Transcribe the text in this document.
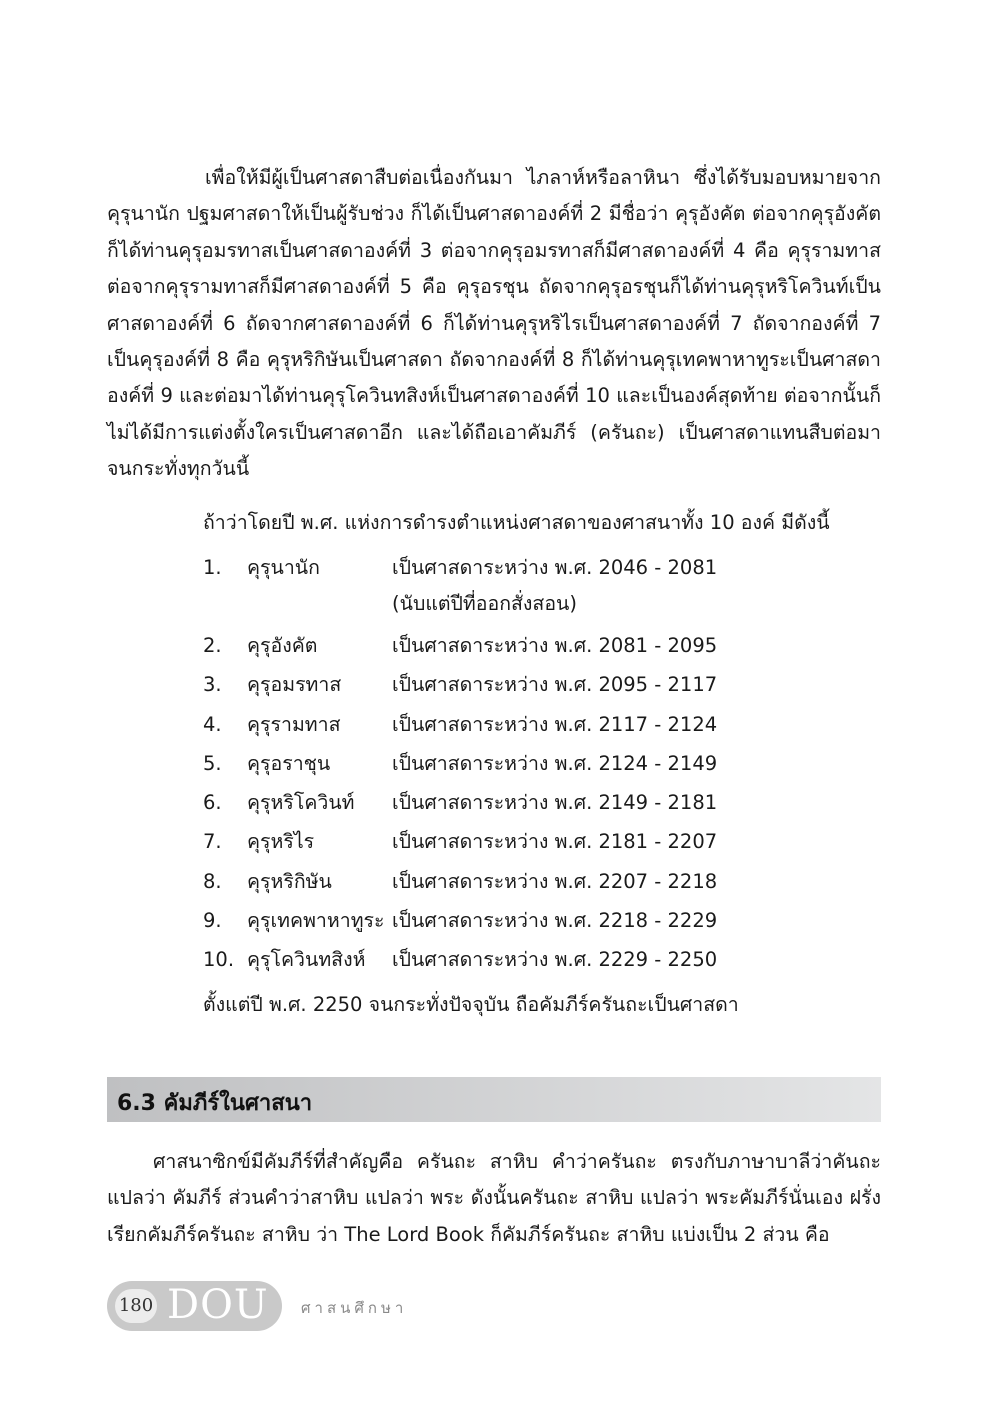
เพื่อให้มีผู้เป็นศาสดาสืบต่อเนื่องกันมา ไภลาห์หรือลาหินา ซึ่งได้รับมอบหมายจากคุรุนานัก ปฐมศาสดาให้เป็นผู้รับช่วง ก็ได้เป็นศาสดาองค์ที่ 2 มีชื่อว่า คุรุอังคัต ต่อจากคุรุอังคัตก็ได้ท่านคุรุอมรทาสเป็นศาสดาองค์ที่ 3 ต่อจากคุรุอมรทาสก็มีศาสดาองค์ที่ 4 คือ คุรุรามทาส ต่อจากคุรุรามทาสก็มีศาสดาองค์ที่ 5 คือ คุรุอรชุน ถัดจากคุรุอรชุนก็ได้ท่านคุรุหริโควินท์เป็นศาสดาองค์ที่ 6 ถัดจากศาสดาองค์ที่ 6 ก็ได้ท่านคุรุหริไรเป็นศาสดาองค์ที่ 7 ถัดจากองค์ที่ 7 เป็นคุรุองค์ที่ 8 คือ คุรุหริกิษันเป็นศาสดา ถัดจากองค์ที่ 8 ก็ได้ท่านคุรุเทคพาหาทูระเป็นศาสดาองค์ที่ 9 และต่อมาได้ท่านคุรุโควินทสิงห์เป็นศาสดาองค์ที่ 10 และเป็นองค์สุดท้าย ต่อจากนั้นก็ไม่ได้มีการแต่งตั้งใครเป็นศาสดาอีก และได้ถือเอาคัมภีร์ (ครันถะ) เป็นศาสดาแทนสืบต่อมาจนกระทั่งทุกวันนี้

ถ้าว่าโดยปี พ.ศ. แห่งการดำรงตำแหน่งศาสดาของศาสนาทั้ง 10 องค์ มีดังนี้

1.	คุรุนานัก	เป็นศาสดาระหว่าง พ.ศ. 2046 - 2081
(นับแต่ปีที่ออกสั่งสอน)
2.	คุรุอังคัต	เป็นศาสดาระหว่าง พ.ศ. 2081 - 2095
3.	คุรุอมรทาส	เป็นศาสดาระหว่าง พ.ศ. 2095 - 2117
4.	คุรุรามทาส	เป็นศาสดาระหว่าง พ.ศ. 2117 - 2124
5.	คุรุอราชุน	เป็นศาสดาระหว่าง พ.ศ. 2124 - 2149
6.	คุรุหริโควินท์	เป็นศาสดาระหว่าง พ.ศ. 2149 - 2181
7.	คุรุหริไร	เป็นศาสดาระหว่าง พ.ศ. 2181 - 2207
8.	คุรุหริกิษัน	เป็นศาสดาระหว่าง พ.ศ. 2207 - 2218
9.	คุรุเทคพาหาทูระ เป็นศาสดาระหว่าง พ.ศ. 2218 - 2229
10. คุรุโควินทสิงห์	เป็นศาสดาระหว่าง พ.ศ. 2229 - 2250

ตั้งแต่ปี พ.ศ. 2250 จนกระทั่งปัจจุบัน ถือคัมภีร์ครันถะเป็นศาสดา

6.3 คัมภีร์ในศาสนา

ศาสนาซิกข์มีคัมภีร์ที่สำคัญคือ ครันถะ สาหิบ คำว่าครันถะ ตรงกับภาษาบาลีว่าคันถะ แปลว่า คัมภีร์ ส่วนคำว่าสาหิบ แปลว่า พระ ดังนั้นครันถะ สาหิบ แปลว่า พระคัมภีร์นั่นเอง ฝรั่งเรียกคัมภีร์ครันถะ สาหิบ ว่า The Lord Book ก็คัมภีร์ครันถะ สาหิบ แบ่งเป็น 2 ส่วน คือ

180 DOU ศาสนศึกษา
